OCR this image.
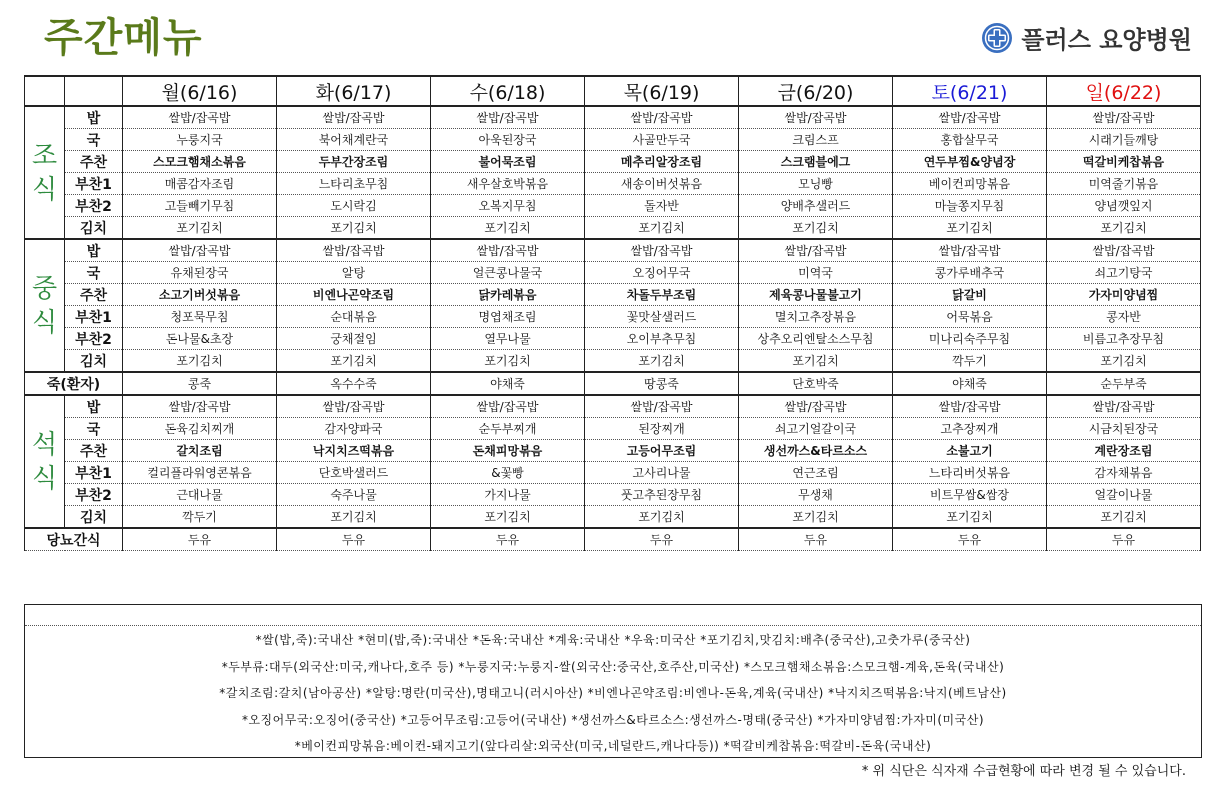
주간메뉴	플러스 요양병원
		월(6/16)	화(6/17)	수(6/18)	목(6/19)	금(6/20)	토(6/21)	일(6/22)
조
식	밥	쌀밥/잡곡밥	쌀밥/잡곡밥	쌀밥/잡곡밥	쌀밥/잡곡밥	쌀밥/잡곡밥	쌀밥/잡곡밥	쌀밥/잡곡밥
	국	누룽지국	북어채계란국	아욱된장국	사골만두국	크림스프	홍합살무국	시래기들깨탕
	주찬	스모크햄채소볶음	두부간장조림	불어묵조림	메추리알장조림	스크램블에그	연두부찜&양념장	떡갈비케찹볶음
	부찬1	매콤감자조림	느타리초무침	새우살호박볶음	새송이버섯볶음	모닝빵	베이컨피망볶음	미역줄기볶음
	부찬2	고들빼기무침	도시락김	오복지무침	돌자반	양배추샐러드	마늘쫑지무침	양념깻잎지
	김치	포기김치	포기김치	포기김치	포기김치	포기김치	포기김치	포기김치
중
식	밥	쌀밥/잡곡밥	쌀밥/잡곡밥	쌀밥/잡곡밥	쌀밥/잡곡밥	쌀밥/잡곡밥	쌀밥/잡곡밥	쌀밥/잡곡밥
	국	유채된장국	알탕	얼큰콩나물국	오징어무국	미역국	콩가루배추국	쇠고기탕국
	주찬	소고기버섯볶음	비엔나곤약조림	닭카레볶음	차돌두부조림	제육콩나물불고기	닭갈비	가자미양념찜
	부찬1	청포묵무침	순대볶음	명엽채조림	꽃맛살샐러드	멸치고추장볶음	어묵볶음	콩자반
	부찬2	돈나물&초장	궁채절임	열무나물	오이부추무침	상추오리엔탈소스무침	미나리숙주무침	비름고추장무침
	김치	포기김치	포기김치	포기김치	포기김치	포기김치	깍두기	포기김치
죽(환자)		콩죽	옥수수죽	야채죽	땅콩죽	단호박죽	야채죽	순두부죽
석
식	밥	쌀밥/잡곡밥	쌀밥/잡곡밥	쌀밥/잡곡밥	쌀밥/잡곡밥	쌀밥/잡곡밥	쌀밥/잡곡밥	쌀밥/잡곡밥
	국	돈육김치찌개	감자양파국	순두부찌개	된장찌개	쇠고기얼갈이국	고추장찌개	시금치된장국
	주찬	갈치조림	낙지치즈떡볶음	돈채피망볶음	고등어무조림	생선까스&타르소스	소불고기	계란장조림
	부찬1	컬리플라워영콘볶음	단호박샐러드	&꽃빵	고사리나물	연근조림	느타리버섯볶음	감자채볶음
	부찬2	근대나물	숙주나물	가지나물	풋고추된장무침	무생채	비트무쌈&쌈장	얼갈이나물
	김치	깍두기	포기김치	포기김치	포기김치	포기김치	포기김치	포기김치
당뇨간식		두유	두유	두유	두유	두유	두유	두유
*쌀(밥,죽):국내산 *현미(밥,죽):국내산 *돈육:국내산 *계육:국내산 *우육:미국산 *포기김치,맛김치:배추(중국산),고춧가루(중국산)
*두부류:대두(외국산:미국,캐나다,호주 등) *누룽지국:누룽지-쌀(외국산:중국산,호주산,미국산) *스모크햄채소볶음:스모크햄-계육,돈육(국내산)
*갈치조림:갈치(남아공산) *알탕:명란(미국산),명태고니(러시아산) *비엔나곤약조림:비엔나-돈육,계육(국내산) *낙지치즈떡볶음:낙지(베트남산)
*오징어무국:오징어(중국산) *고등어무조림:고등어(국내산) *생선까스&타르소스:생선까스-명태(중국산) *가자미양념찜:가자미(미국산)
*베이컨피망볶음:베이컨-돼지고기(앞다리살:외국산(미국,네덜란드,캐나다등)) *떡갈비케찹볶음:떡갈비-돈육(국내산)
* 위 식단은 식자재 수급현황에 따라 변경 될 수 있습니다.
